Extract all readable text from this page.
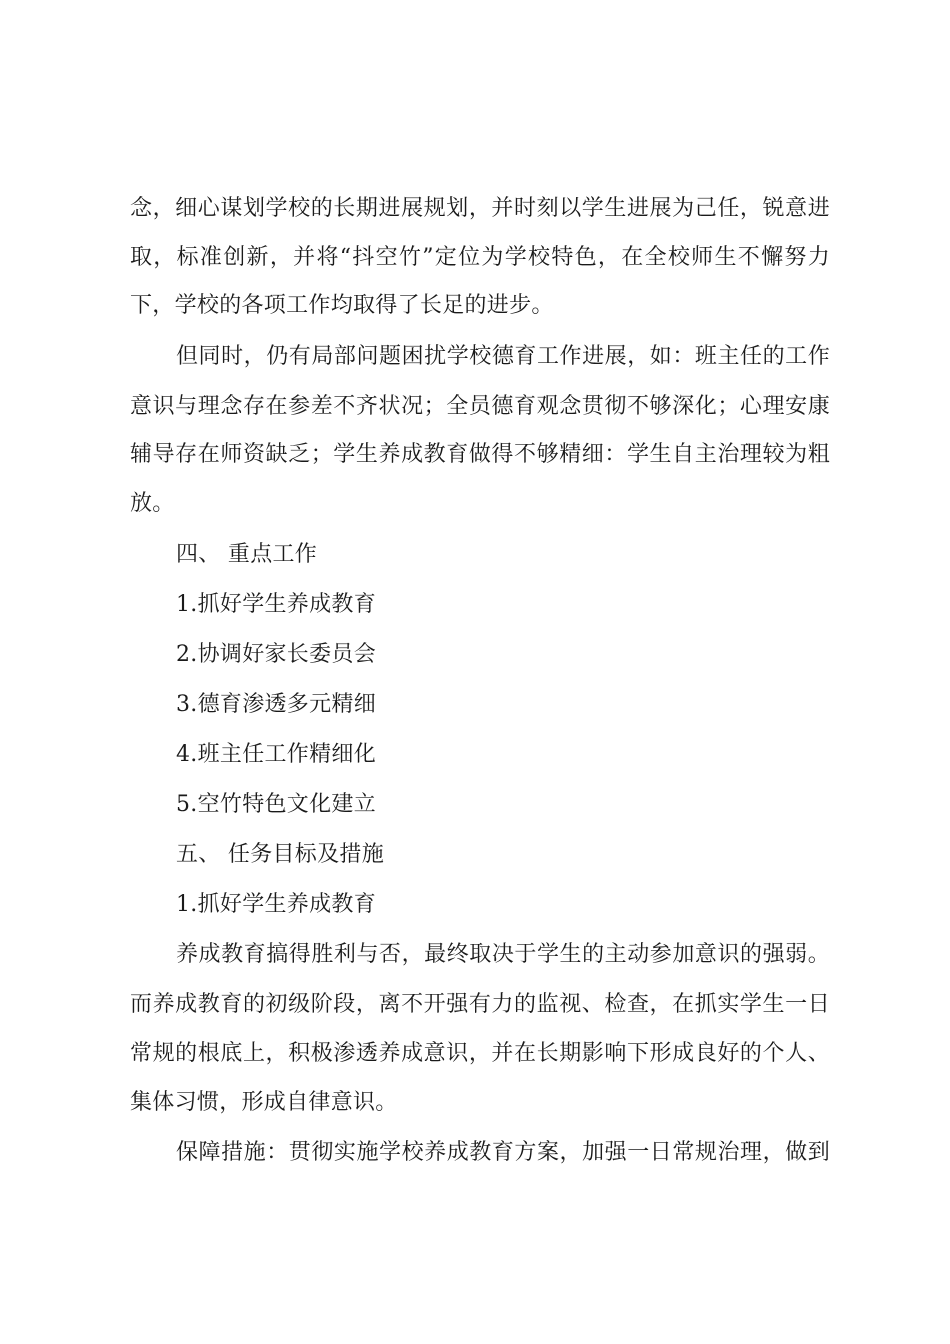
念，细心谋划学校的长期进展规划，并时刻以学生进展为己任，锐意进
取，标准创新，并将“抖空竹”定位为学校特色，在全校师生不懈努力
下，学校的各项工作均取得了长足的进步。
但同时，仍有局部问题困扰学校德育工作进展，如：班主任的工作
意识与理念存在参差不齐状况；全员德育观念贯彻不够深化；心理安康
辅导存在师资缺乏；学生养成教育做得不够精细：学生自主治理较为粗
放。
四、 重点工作
1.抓好学生养成教育
2.协调好家长委员会
3.德育渗透多元精细
4.班主任工作精细化
5.空竹特色文化建立
五、 任务目标及措施
1.抓好学生养成教育
养成教育搞得胜利与否，最终取决于学生的主动参加意识的强弱。
而养成教育的初级阶段，离不开强有力的监视、检查，在抓实学生一日
常规的根底上，积极渗透养成意识，并在长期影响下形成良好的个人、
集体习惯，形成自律意识。
保障措施：贯彻实施学校养成教育方案，加强一日常规治理，做到
